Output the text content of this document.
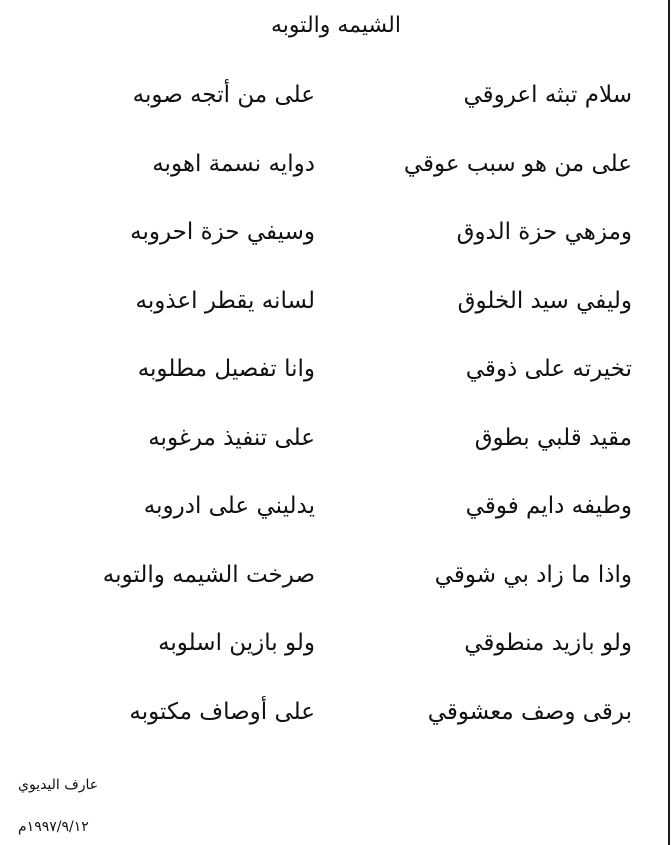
الشيمه والتوبه
سلام تبثه اعروقي
على من أتجه صوبه
على من هو سبب عوقي
دوايه نسمة اهوبه
ومزهي حزة الدوق
وسيفي حزة احروبه
وليفي سيد الخلوق
لسانه يقطر اعذوبه
تخيرته على ذوقي
وانا تفصيل مطلوبه
مقيد قلبي بطوق
على تنفيذ مرغوبه
وطيفه دايم فوقي
يدليني على ادروبه
واذا ما زاد بي شوقي
صرخت الشيمه والتوبه
ولو بازيد منطوقي
ولو بازين اسلوبه
برقى وصف معشوقي
على أوصاف مكتوبه
عارف اليديوي
١٩٩٧/٩/١٢م
